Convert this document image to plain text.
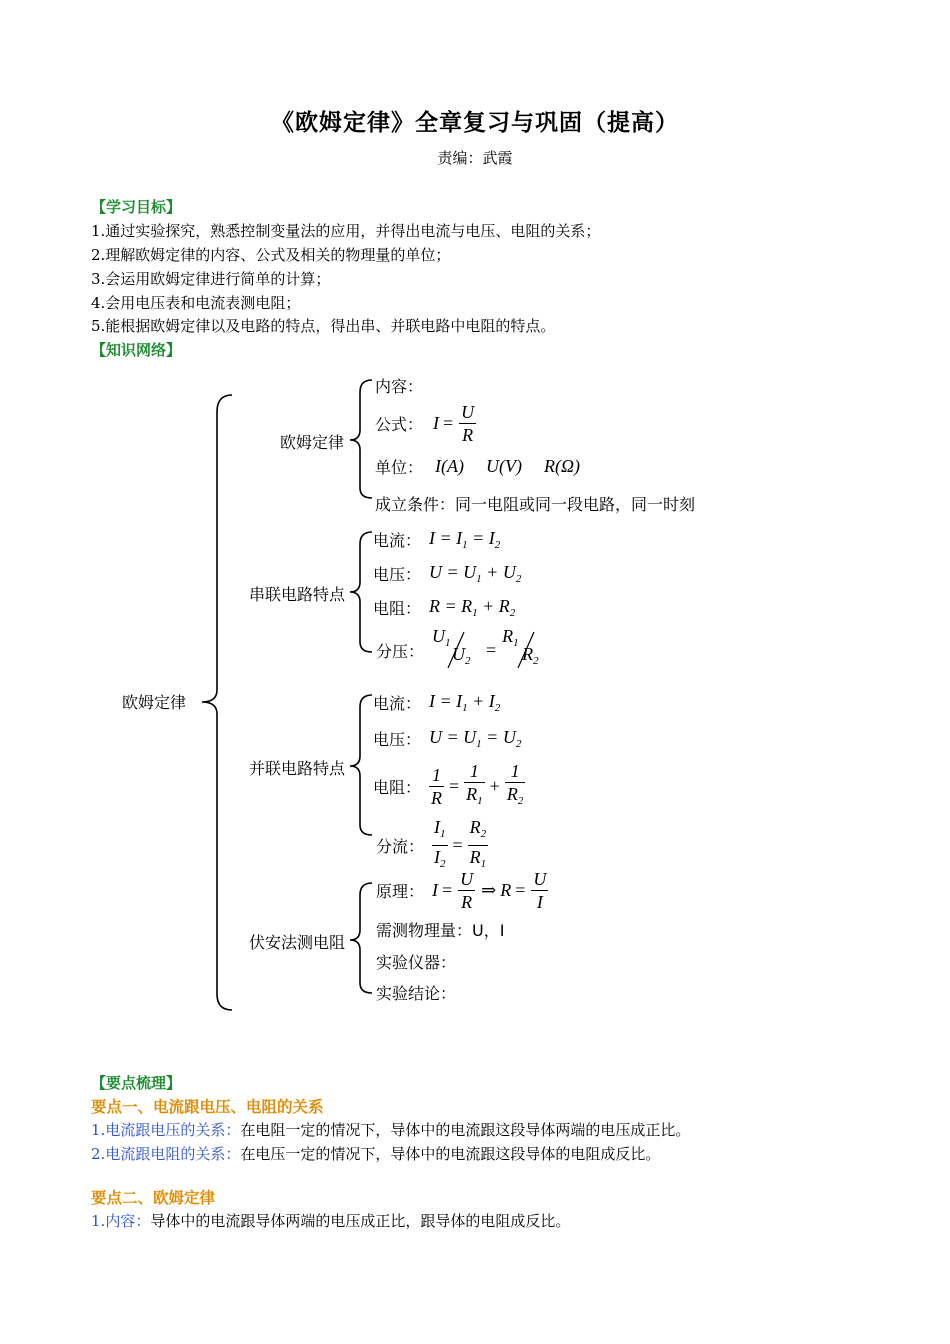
《欧姆定律》全章复习与巩固（提高）
责编：武霞
【学习目标】
1.通过实验探究，熟悉控制变量法的应用，并得出电流与电压、电阻的关系；
2.理解欧姆定律的内容、公式及相关的物理量的单位；
3.会运用欧姆定律进行简单的计算；
4.会用电压表和电流表测电阻；
5.能根据欧姆定律以及电路的特点，得出串、并联电路中电阻的特点。
【知识网络】
欧姆定律
欧姆定律
串联电路特点
并联电路特点
伏安法测电阻
内容：
公式： $I = \frac{U}{R}$
单位： I(A) U(V) R(Ω)
成立条件：同一电阻或同一段电路，同一时刻
电流： $I = I_1 = I_2$
电压： $U = U_1 + U_2$
电阻： $R = R_1 + R_2$
分压：
$U_1$
$U_2$
=
$R_1$
$R_2$
电流： $I = I_1 + I_2$
电压： $U = U_1 = U_2$
电阻： $\frac{1}{R} = \frac{1}{R_1} + \frac{1}{R_2}$
分流： $\frac{I_1}{I_2} = \frac{R_2}{R_1}$
原理： $I = \frac{U}{R}$ ⇒ $R = \frac{U}{I}$
需测物理量：U，I
实验仪器：
实验结论：
【要点梳理】
要点一、电流跟电压、电阻的关系
1.电流跟电压的关系：在电阻一定的情况下，导体中的电流跟这段导体两端的电压成正比。
2.电流跟电阻的关系：在电压一定的情况下，导体中的电流跟这段导体的电阻成反比。
要点二、欧姆定律
1.内容：导体中的电流跟导体两端的电压成正比，跟导体的电阻成反比。
